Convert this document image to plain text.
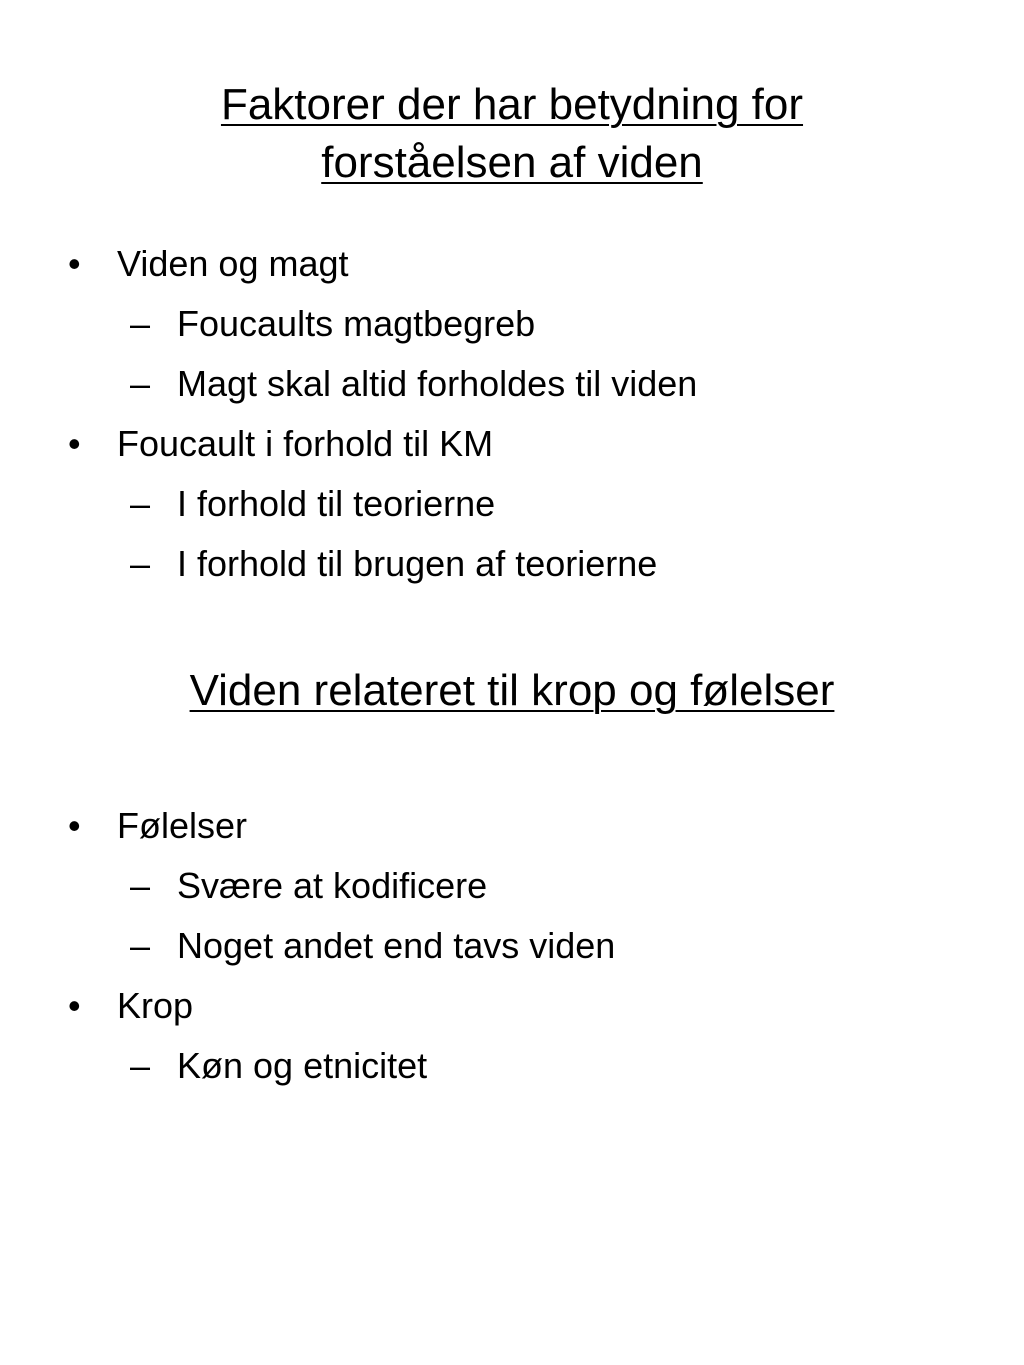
Faktorer der har betydning for
forståelsen af viden
• Viden og magt
– Foucaults magtbegreb
– Magt skal altid forholdes til viden
• Foucault i forhold til KM
– I forhold til teorierne
– I forhold til brugen af teorierne
Viden relateret til krop og følelser
• Følelser
– Svære at kodificere
– Noget andet end tavs viden
• Krop
– Køn og etnicitet
